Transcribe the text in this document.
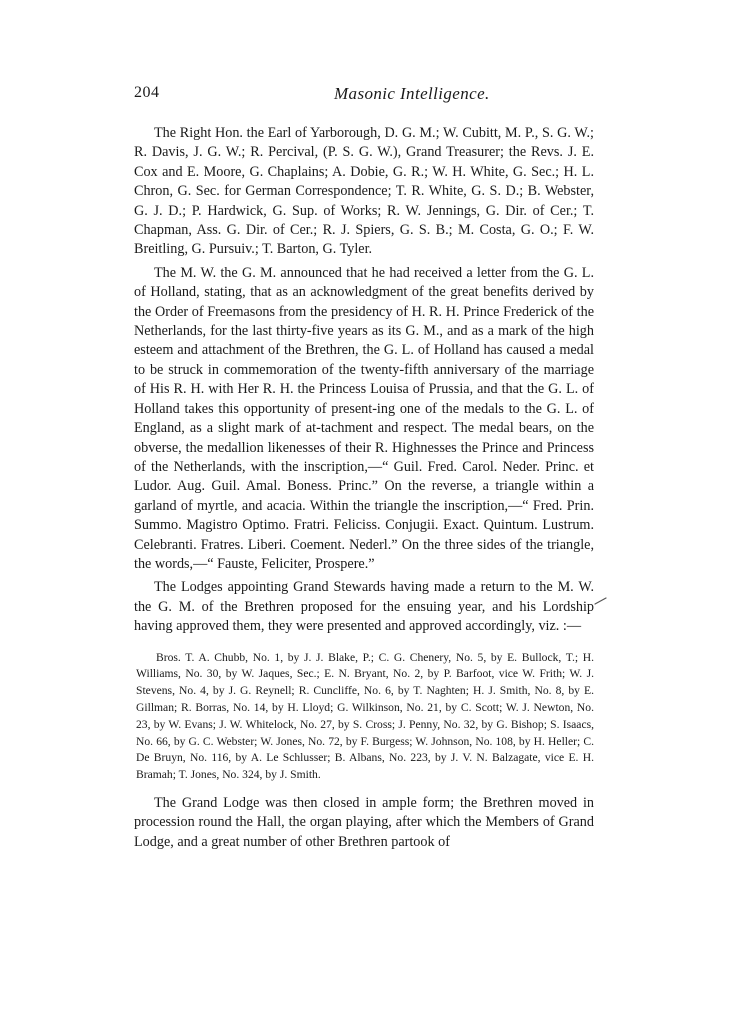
204	Masonic Intelligence.

The Right Hon. the Earl of Yarborough, D. G. M.; W. Cubitt, M. P., S. G. W.; R. Davis, J. G. W.; R. Percival, (P. S. G. W.), Grand Treasurer; the Revs. J. E. Cox and E. Moore, G. Chaplains; A. Dobie, G. R.; W. H. White, G. Sec.; H. L. Chron, G. Sec. for German Correspondence; T. R. White, G. S. D.; B. Webster, G. J. D.; P. Hardwick, G. Sup. of Works; R. W. Jennings, G. Dir. of Cer.; T. Chapman, Ass. G. Dir. of Cer.; R. J. Spiers, G. S. B.; M. Costa, G. O.; F. W. Breitling, G. Pursuiv.; T. Barton, G. Tyler.

The M. W. the G. M. announced that he had received a letter from the G. L. of Holland, stating, that as an acknowledgment of the great benefits derived by the Order of Freemasons from the presidency of H. R. H. Prince Frederick of the Netherlands, for the last thirty-five years as its G. M., and as a mark of the high esteem and attachment of the Brethren, the G. L. of Holland has caused a medal to be struck in commemoration of the twenty-fifth anniversary of the marriage of His R. H. with Her R. H. the Princess Louisa of Prussia, and that the G. L. of Holland takes this opportunity of present-ing one of the medals to the G. L. of England, as a slight mark of at-tachment and respect. The medal bears, on the obverse, the medallion likenesses of their R. Highnesses the Prince and Princess of the Netherlands, with the inscription,—“ Guil. Fred. Carol. Neder. Princ. et Ludor. Aug. Guil. Amal. Boness. Princ.” On the reverse, a triangle within a garland of myrtle, and acacia. Within the triangle the inscription,—“ Fred. Prin. Summo. Magistro Optimo. Fratri. Feliciss. Conjugii. Exact. Quintum. Lustrum. Celebranti. Fratres. Liberi. Coement. Nederl.” On the three sides of the triangle, the words,—“ Fauste, Feliciter, Prospere.”

The Lodges appointing Grand Stewards having made a return to the M. W. the G. M. of the Brethren proposed for the ensuing year, and his Lordship having approved them, they were presented and approved accordingly, viz. :—

Bros. T. A. Chubb, No. 1, by J. J. Blake, P.; C. G. Chenery, No. 5, by E. Bullock, T.; H. Williams, No. 30, by W. Jaques, Sec.; E. N. Bryant, No. 2, by P. Barfoot, vice W. Frith; W. J. Stevens, No. 4, by J. G. Reynell; R. Cuncliffe, No. 6, by T. Naghten; H. J. Smith, No. 8, by E. Gillman; R. Borras, No. 14, by H. Lloyd; G. Wilkinson, No. 21, by C. Scott; W. J. Newton, No. 23, by W. Evans; J. W. Whitelock, No. 27, by S. Cross; J. Penny, No. 32, by G. Bishop; S. Isaacs, No. 66, by G. C. Webster; W. Jones, No. 72, by F. Burgess; W. Johnson, No. 108, by H. Heller; C. De Bruyn, No. 116, by A. Le Schlusser; B. Albans, No. 223, by J. V. N. Balzagate, vice E. H. Bramah; T. Jones, No. 324, by J. Smith.

The Grand Lodge was then closed in ample form; the Brethren moved in procession round the Hall, the organ playing, after which the Members of Grand Lodge, and a great number of other Brethren partook of
